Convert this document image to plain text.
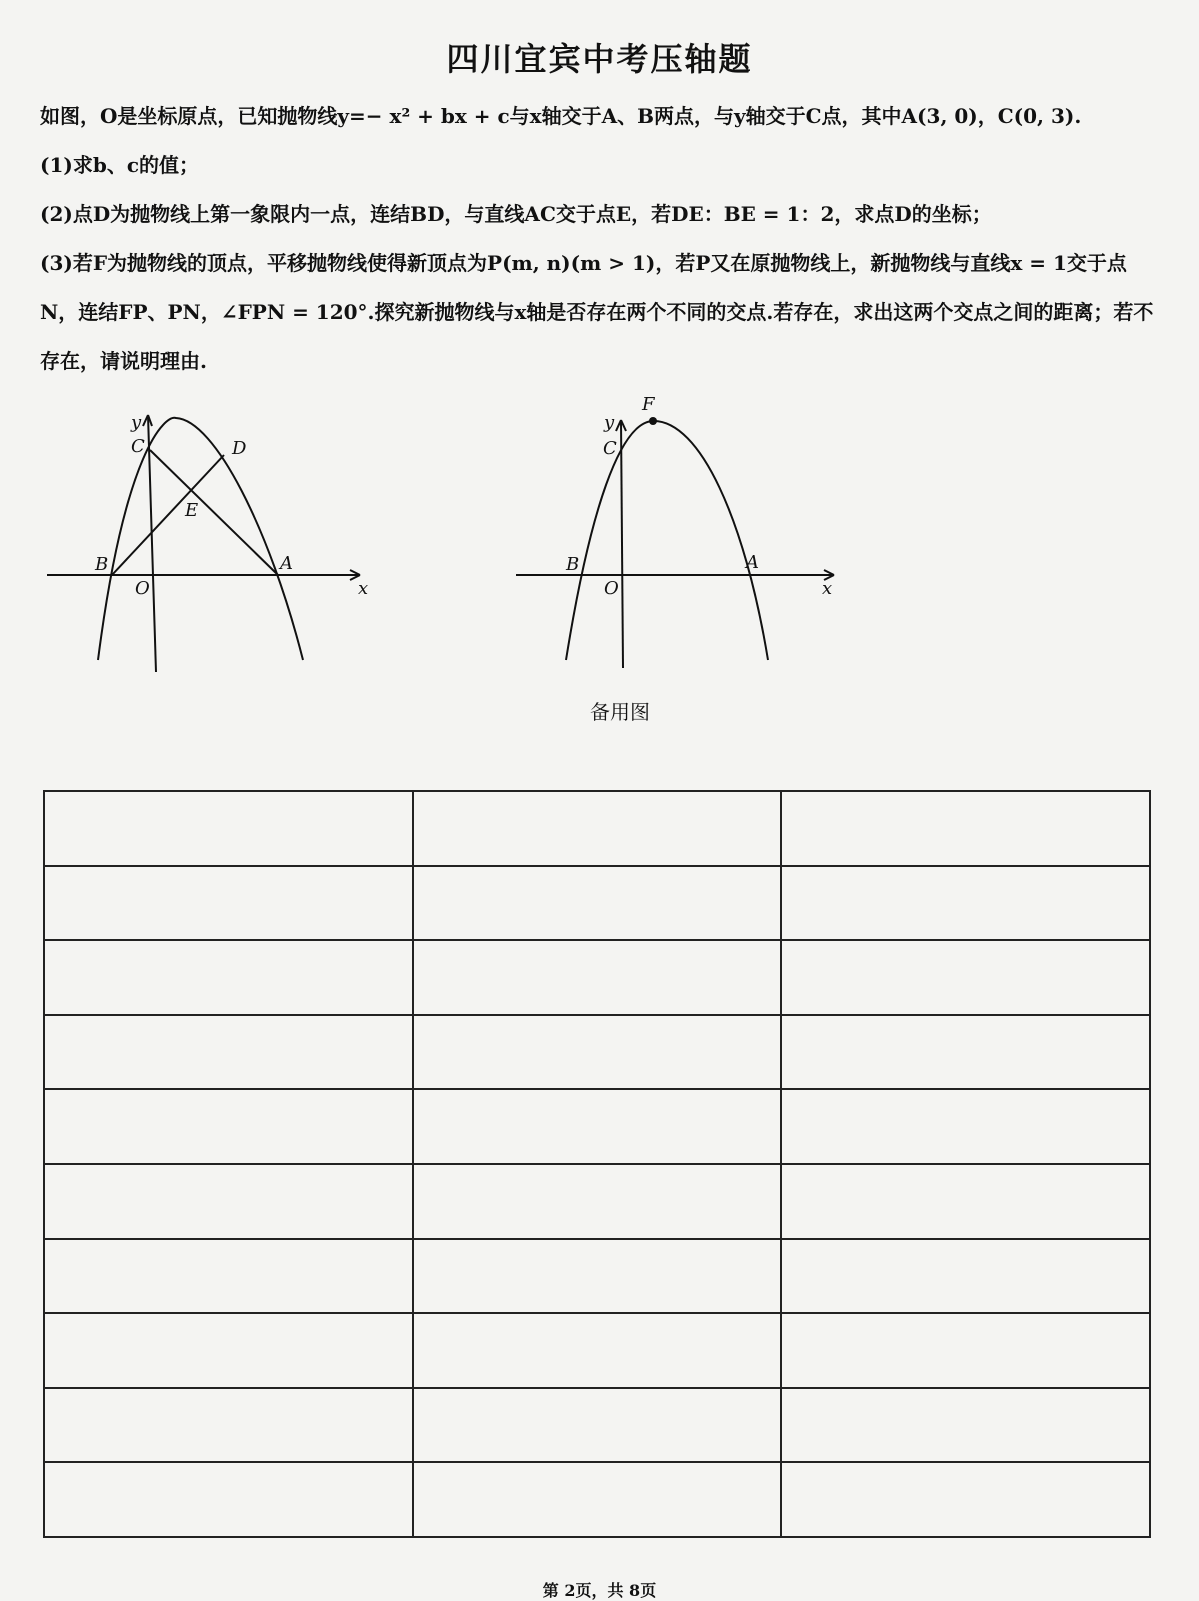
四川宜宾中考压轴题
如图，O是坐标原点，已知抛物线y=− x² + bx + c与x轴交于A、B两点，与y轴交于C点，其中A(3, 0)，C(0, 3).
(1)求b、c的值；
(2)点D为抛物线上第一象限内一点，连结BD，与直线AC交于点E，若DE：BE = 1：2，求点D的坐标；
(3)若F为抛物线的顶点，平移抛物线使得新顶点为P(m, n)(m > 1)，若P又在原抛物线上，新抛物线与直线x = 1交于点N，连结FP、PN，∠FPN = 120°.探究新抛物线与x轴是否存在两个不同的交点.若存在，求出这两个交点之间的距离；若不存在，请说明理由.
y
C	D
E
B	A
O	x
F
y
C
B	A
O	x
备用图

第 2页，共 8页
